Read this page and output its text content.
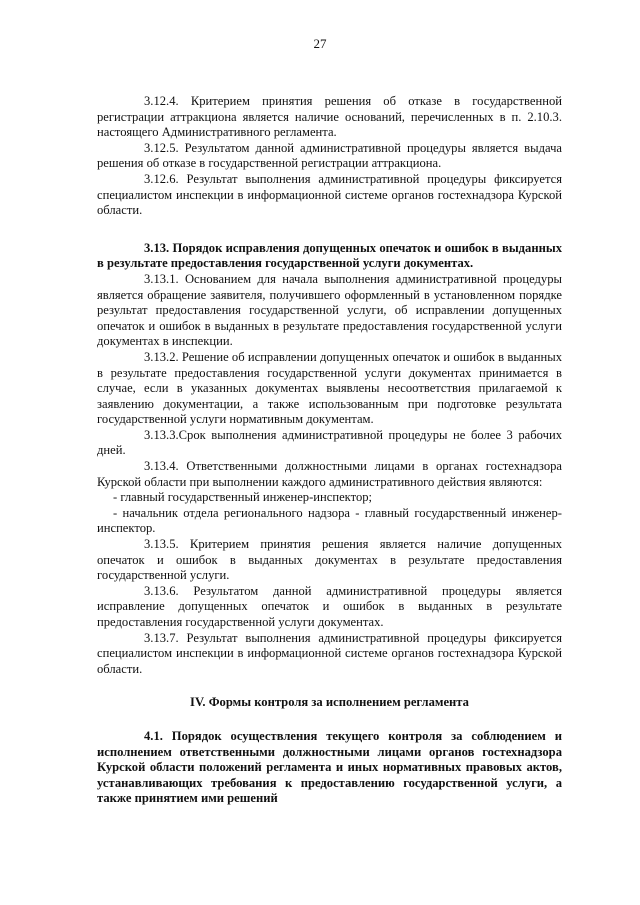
27

3.12.4. Критерием принятия решения об отказе в государственной регистрации аттракциона является наличие оснований, перечисленных в п. 2.10.3. настоящего Административного регламента.

3.12.5. Результатом данной административной процедуры является выдача решения об отказе в государственной регистрации аттракциона.

3.12.6. Результат выполнения административной процедуры фиксируется специалистом инспекции в информационной системе органов гостехнадзора Курской области.

3.13. Порядок исправления допущенных опечаток и ошибок в выданных в результате предоставления государственной услуги документах.

3.13.1. Основанием для начала выполнения административной процедуры является обращение заявителя, получившего оформленный в установленном порядке результат предоставления государственной услуги, об исправлении допущенных опечаток и ошибок в выданных в результате предоставления государственной услуги документах в инспекции.

3.13.2. Решение об исправлении допущенных опечаток и ошибок в выданных в результате предоставления государственной услуги документах принимается в случае, если в указанных документах выявлены несоответствия прилагаемой к заявлению документации, а также использованным при подготовке результата государственной услуги нормативным документам.

3.13.3.Срок выполнения административной процедуры не более 3 рабочих дней.

3.13.4. Ответственными должностными лицами в органах гостехнадзора Курской области при выполнении каждого административного действия являются:

- главный государственный инженер-инспектор;

- начальник отдела регионального надзора - главный государственный инженер-инспектор.

3.13.5. Критерием принятия решения является наличие допущенных опечаток и ошибок в выданных документах в результате предоставления государственной услуги.

3.13.6. Результатом данной административной процедуры является исправление допущенных опечаток и ошибок в выданных в результате предоставления государственной услуги документах.

3.13.7. Результат выполнения административной процедуры фиксируется специалистом инспекции в информационной системе органов гостехнадзора Курской области.

IV. Формы контроля за исполнением регламента

4.1. Порядок осуществления текущего контроля за соблюдением и исполнением ответственными должностными лицами органов гостехнадзора Курской области положений регламента и иных нормативных правовых актов, устанавливающих требования к предоставлению государственной услуги, а также принятием ими решений
